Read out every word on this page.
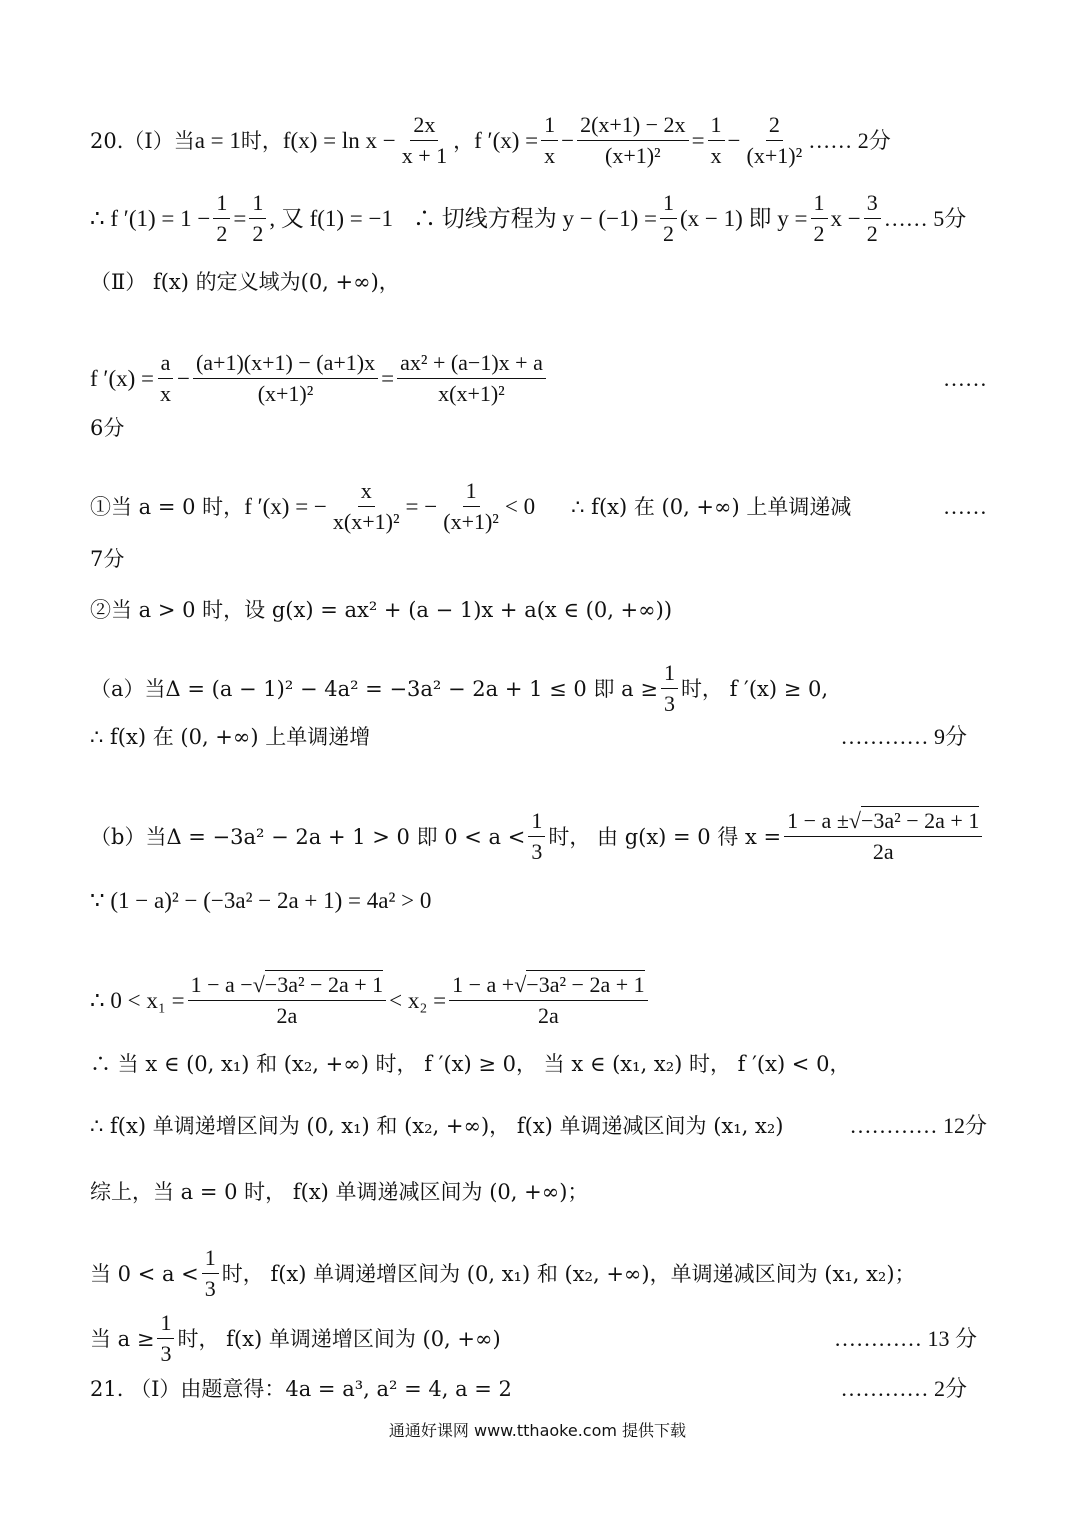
20.（Ⅰ）当 a = 1 时， $f(x) = \ln x - \frac{2x}{x + 1}$ ， f $'(x) = \frac{1}{x} - \frac{2(x+1) - 2x}{\text{(x+1)²}} = \frac{1}{x} - \frac{2}{\text{(x+1)²}}$ …… 2分
∴ f $'(1) = 1 - \frac{1}{2} = \frac{1}{2}$ , 又 f(1) = −1 ∴ 切线方程为 $y - (-1) = \frac{1}{2} (x - 1)$ 即 $y = \frac{1}{2}$ $x - \frac{3}{2}$ …… 5分
（Ⅱ） f(x) 的定义域为(0, +∞)，
f $'(x) = \frac{a}{x} - \frac{(a+1)(x+1) - (a+1)x}{\text{(x+1)²}} = \frac{\text{ax² + (a−1)x + a}}{\text{x(x+1)²}}$	……
6分
①当 a = 0 时， f ′(x) = − $\frac{x}{\text{x(x+1)²}}$ = − $\frac{1}{\text{(x+1)²}} < 0$ ∴ f(x) 在 (0, +∞) 上单调递减	……
7分
②当 a > 0 时，设 g(x) = ax² + (a − 1)x + a(x ∈ (0, +∞))
（a）当Δ = (a − 1)² − 4a² = −3a² − 2a + 1 ≤ 0 即 $a \ge \frac{1}{3}$ 时， f ′(x) ≥ 0,
∴ f(x) 在 (0, +∞) 上单调递增	………… 9分
（b）当Δ = −3a² − 2a + 1 > 0 即 $0 < a < \frac{1}{3}$ 时， 由 g(x) = 0 得 $x = \frac{\text{1 − a ±√−3a² − 2a + 1}}{2a}$
∵ (1 − a)² − (−3a² − 2a + 1) = 4a² > 0
∴ $0 < x_1 = \frac{\text{1 − a −√−3a² − 2a + 1}}{2a} < x_2 = \frac{\text{1 − a +√−3a² − 2a + 1}}{2a}$
∴ 当 x ∈ (0, x₁) 和 (x₂, +∞) 时， f ′(x) ≥ 0， 当 x ∈ (x₁, x₂) 时， f ′(x) < 0，
∴ f(x) 单调递增区间为 (0, x₁) 和 (x₂, +∞)， f(x) 单调递减区间为 (x₁, x₂)	………… 12分
综上，当 a = 0 时， f(x) 单调递减区间为 (0, +∞)；
当 $0 < a < \frac{1}{3}$ 时， f(x) 单调递增区间为 (0, x₁) 和 (x₂, +∞)，单调递减区间为 (x₁, x₂)；
当 $a \ge \frac{1}{3}$ 时， f(x) 单调递增区间为 (0, +∞)	………… 13 分
21. （Ⅰ）由题意得：4a = a³, a² = 4, a = 2	………… 2分
通通好课网 www.tthaoke.com 提供下载
